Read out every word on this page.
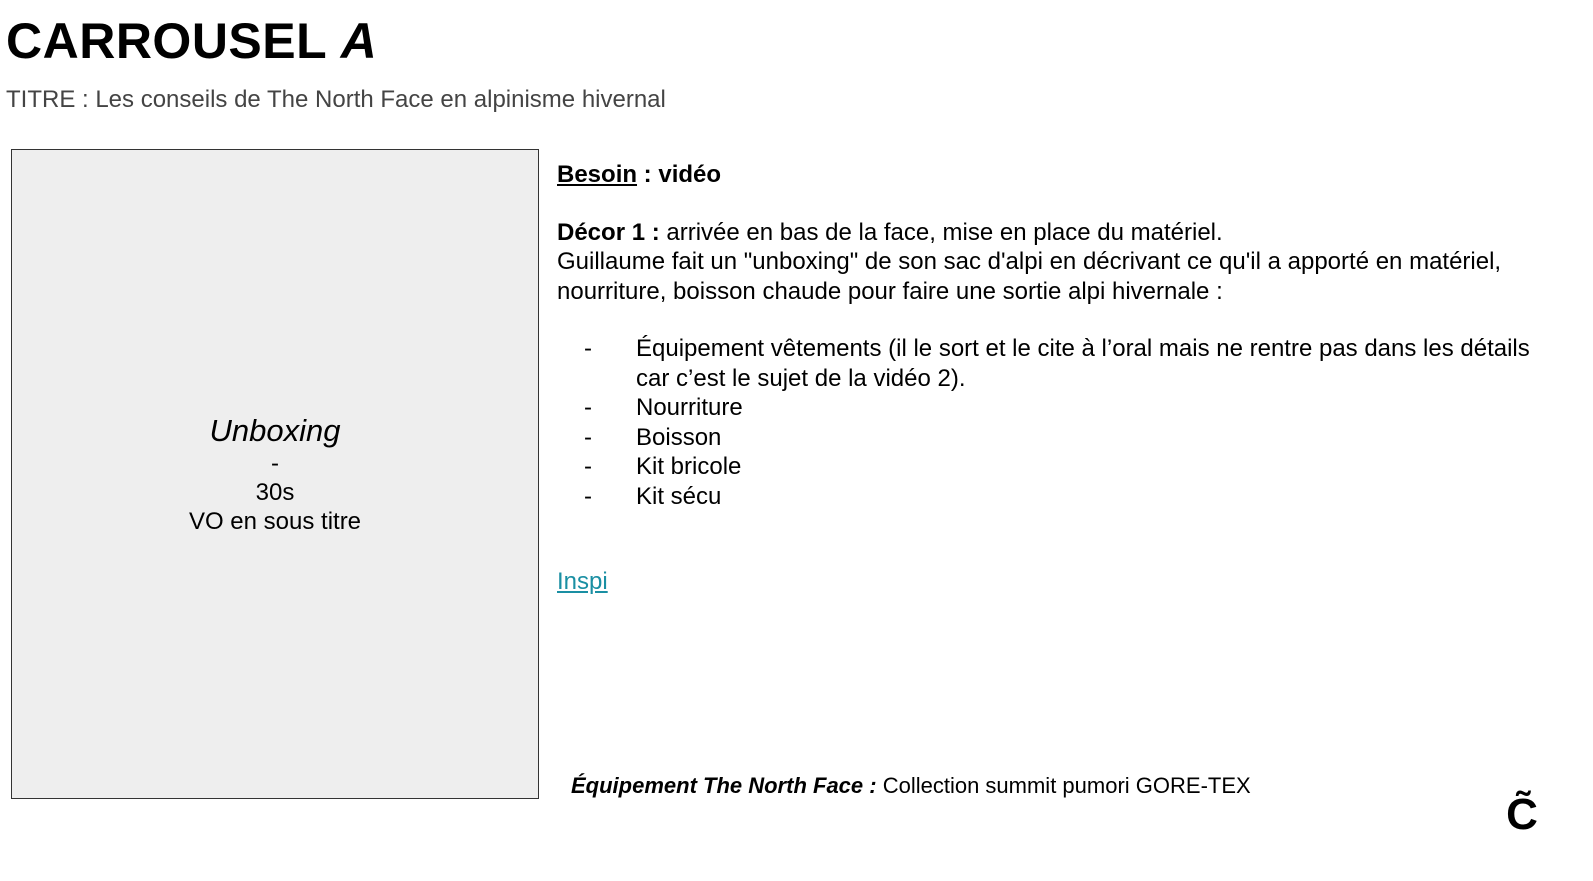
CARROUSEL A
TITRE : Les conseils de The North Face en alpinisme hivernal
Unboxing
-
30s
VO en sous titre

Besoin : vidéo

Décor 1 : arrivée en bas de la face, mise en place du matériel.

Guillaume fait un "unboxing" de son sac d'alpi en décrivant ce qu'il a apporté en matériel, nourriture, boisson chaude pour faire une sortie alpi hivernale :

- Équipement vêtements (il le sort et le cite à l’oral mais ne rentre pas dans les détails car c’est le sujet de la vidéo 2).
- Nourriture
- Boisson
- Kit bricole
- Kit sécu

Inspi

Équipement The North Face : Collection summit pumori GORE-TEX
C̃
